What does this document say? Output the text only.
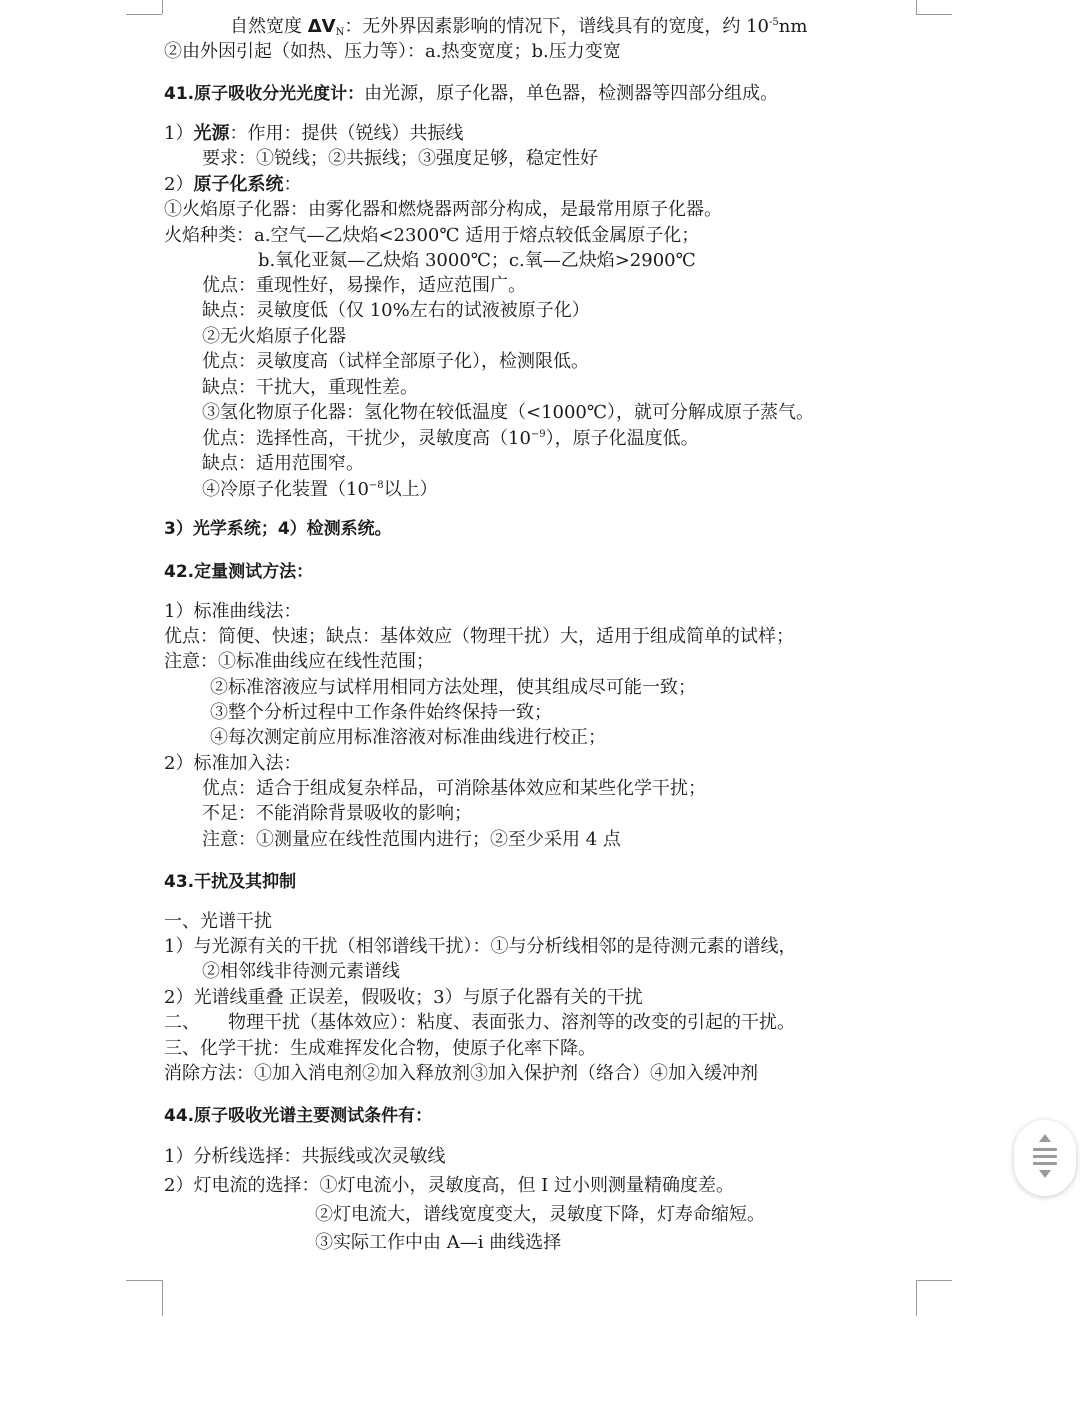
自然宽度 $\Delta V_N$：无外界因素影响的情况下，谱线具有的宽度，约 $10^{-5}nm$
②由外因引起（如热、压力等）：a.热变宽度；b.压力变宽
41.原子吸收分光光度计：由光源，原子化器，单色器，检测器等四部分组成。
1）光源：作用：提供（锐线）共振线
要求：①锐线；②共振线；③强度足够，稳定性好
2）原子化系统：
①火焰原子化器：由雾化器和燃烧器两部分构成，是最常用原子化器。
火焰种类：a.空气—乙炔焰<2300℃ 适用于熔点较低金属原子化；
b.氧化亚氮—乙炔焰 3000℃；c.氧—乙炔焰>2900℃
优点：重现性好，易操作，适应范围广。
缺点：灵敏度低（仅 10%左右的试液被原子化）
②无火焰原子化器
优点：灵敏度高（试样全部原子化），检测限低。
缺点：干扰大，重现性差。
③氢化物原子化器：氢化物在较低温度（<1000℃），就可分解成原子蒸气。
优点：选择性高，干扰少，灵敏度高$(10^{-9})$，原子化温度低。
缺点：适用范围窄。
④冷原子化装置（$10^{-8}$以上）
3）光学系统；4）检测系统。
42.定量测试方法：
1）标准曲线法：
优点：简便、快速；缺点：基体效应（物理干扰）大，适用于组成简单的试样；
注意：①标准曲线应在线性范围；
②标准溶液应与试样用相同方法处理，使其组成尽可能一致；
③整个分析过程中工作条件始终保持一致；
④每次测定前应用标准溶液对标准曲线进行校正；
2）标准加入法：
优点：适合于组成复杂样品，可消除基体效应和某些化学干扰；
不足：不能消除背景吸收的影响；
注意：①测量应在线性范围内进行；②至少采用 4 点
43.干扰及其抑制
一、光谱干扰
1）与光源有关的干扰（相邻谱线干扰）：①与分析线相邻的是待测元素的谱线，
②相邻线非待测元素谱线
2）光谱线重叠 正误差，假吸收；3）与原子化器有关的干扰
二、 物理干扰（基体效应）：粘度、表面张力、溶剂等的改变的引起的干扰。
三、化学干扰：生成难挥发化合物，使原子化率下降。
消除方法：①加入消电剂②加入释放剂③加入保护剂（络合）④加入缓冲剂
44.原子吸收光谱主要测试条件有：
1）分析线选择：共振线或次灵敏线
2）灯电流的选择：①灯电流小，灵敏度高，但 I 过小则测量精确度差。
②灯电流大，谱线宽度变大，灵敏度下降，灯寿命缩短。
③实际工作中由 A—i 曲线选择
